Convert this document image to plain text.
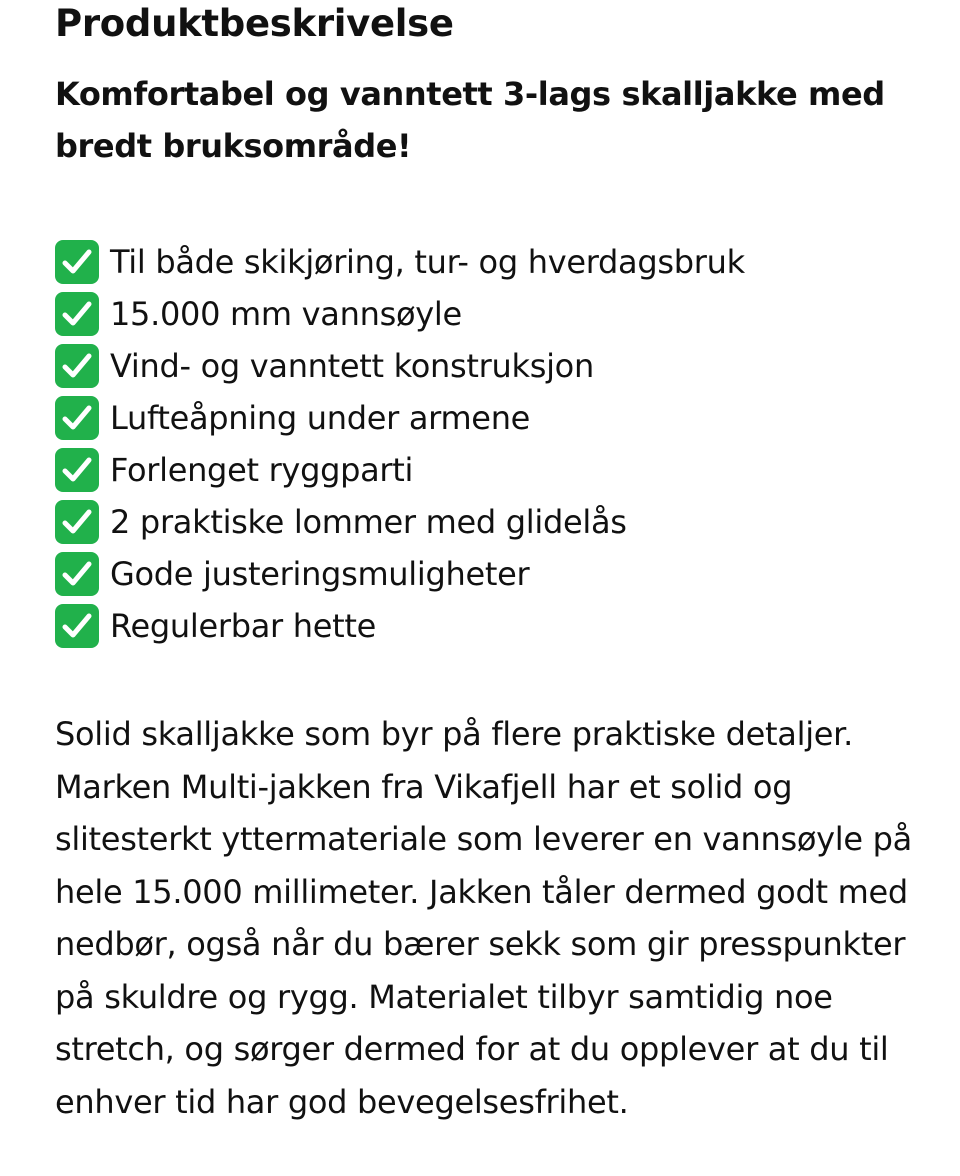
Produktbeskrivelse

Komfortabel og vanntett 3-lags skalljakke med bredt bruksområde!

Til både skikjøring, tur- og hverdagsbruk
15.000 mm vannsøyle
Vind- og vanntett konstruksjon
Lufteåpning under armene
Forlenget ryggparti
2 praktiske lommer med glidelås
Gode justeringsmuligheter
Regulerbar hette

Solid skalljakke som byr på flere praktiske detaljer. Marken Multi-jakken fra Vikafjell har et solid og slitesterkt yttermateriale som leverer en vannsøyle på hele 15.000 millimeter. Jakken tåler dermed godt med nedbør, også når du bærer sekk som gir presspunkter på skuldre og rygg. Materialet tilbyr samtidig noe stretch, og sørger dermed for at du opplever at du til enhver tid har god bevegelsesfrihet.
